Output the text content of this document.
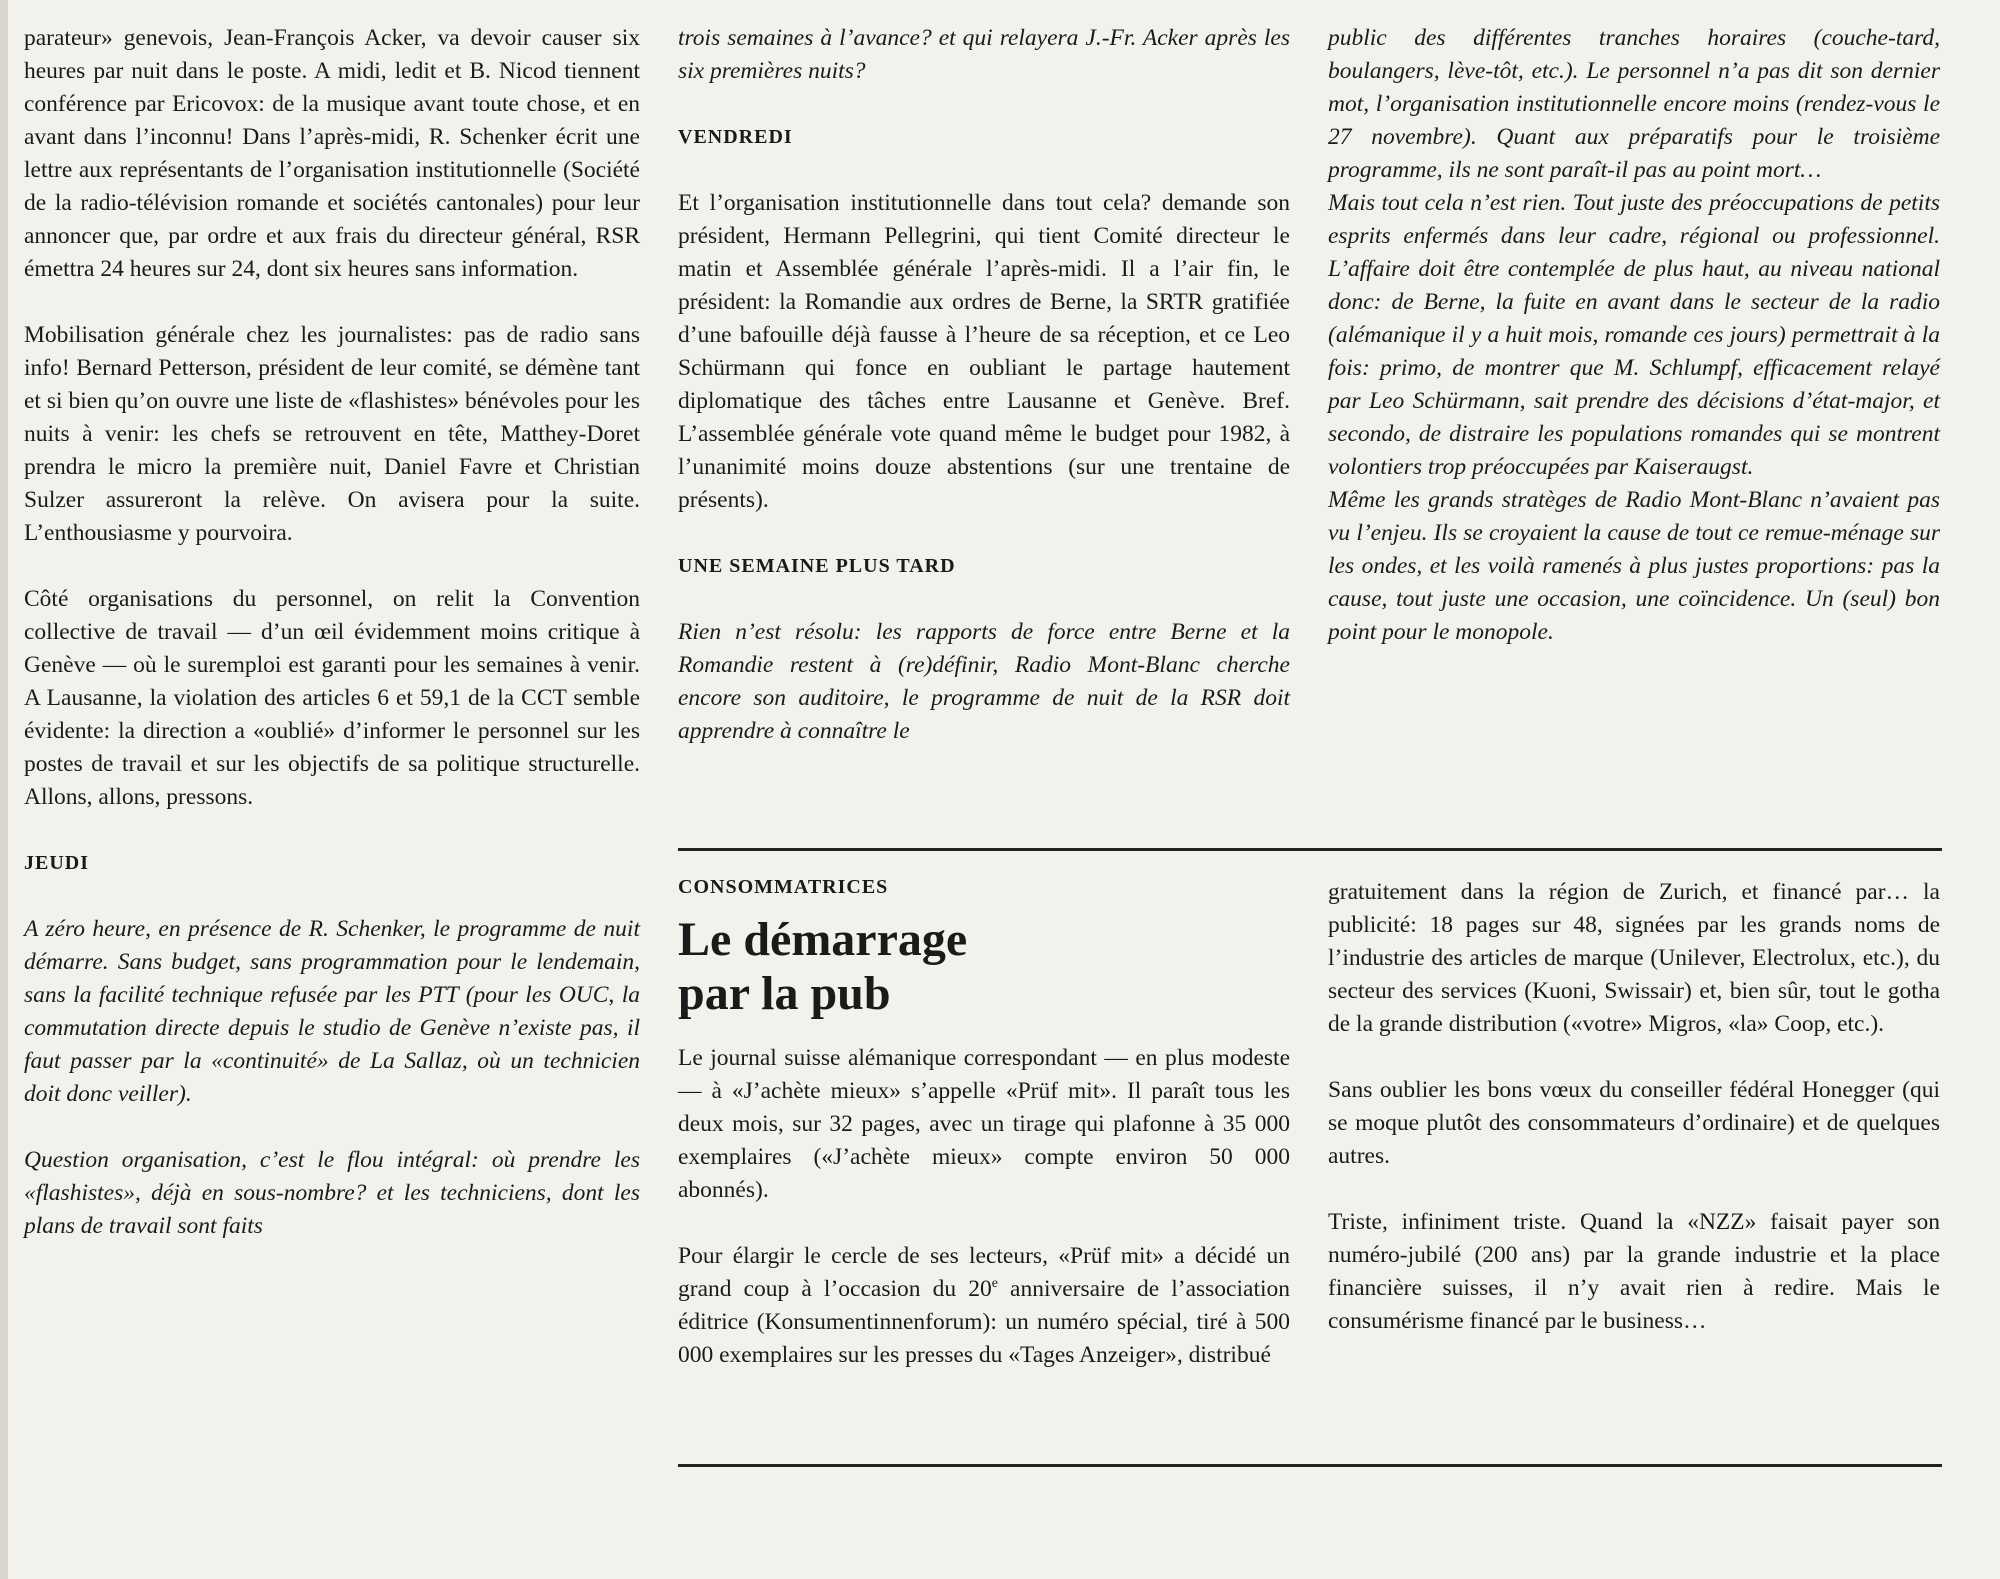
parateur» genevois, Jean-François Acker, va devoir causer six heures par nuit dans le poste. A midi, ledit et B. Nicod tiennent conférence par Ericovox: de la musique avant toute chose, et en avant dans l’inconnu! Dans l’après-midi, R. Schenker écrit une lettre aux représentants de l’organisation institutionnelle (Société de la radio-télévision romande et sociétés cantonales) pour leur annoncer que, par ordre et aux frais du directeur général, RSR émettra 24 heures sur 24, dont six heures sans information.

Mobilisation générale chez les journalistes: pas de radio sans info! Bernard Petterson, président de leur comité, se démène tant et si bien qu’on ouvre une liste de «flashistes» bénévoles pour les nuits à venir: les chefs se retrouvent en tête, Matthey-Doret prendra le micro la première nuit, Daniel Favre et Christian Sulzer assureront la relève. On avisera pour la suite. L’enthousiasme y pourvoira.

Côté organisations du personnel, on relit la Convention collective de travail — d’un œil évidemment moins critique à Genève — où le suremploi est garanti pour les semaines à venir. A Lausanne, la violation des articles 6 et 59,1 de la CCT semble évidente: la direction a «oublié» d’informer le personnel sur les postes de travail et sur les objectifs de sa politique structurelle. Allons, allons, pressons.

JEUDI

A zéro heure, en présence de R. Schenker, le programme de nuit démarre. Sans budget, sans programmation pour le lendemain, sans la facilité technique refusée par les PTT (pour les OUC, la commutation directe depuis le studio de Genève n’existe pas, il faut passer par la «continuité» de La Sallaz, où un technicien doit donc veiller).

Question organisation, c’est le flou intégral: où prendre les «flashistes», déjà en sous-nombre? et les techniciens, dont les plans de travail sont faits

trois semaines à l’avance? et qui relayera J.-Fr. Acker après les six premières nuits?

VENDREDI

Et l’organisation institutionnelle dans tout cela? demande son président, Hermann Pellegrini, qui tient Comité directeur le matin et Assemblée générale l’après-midi. Il a l’air fin, le président: la Romandie aux ordres de Berne, la SRTR gratifiée d’une bafouille déjà fausse à l’heure de sa réception, et ce Leo Schürmann qui fonce en oubliant le partage hautement diplomatique des tâches entre Lausanne et Genève. Bref. L’assemblée générale vote quand même le budget pour 1982, à l’unanimité moins douze abstentions (sur une trentaine de présents).

UNE SEMAINE PLUS TARD

Rien n’est résolu: les rapports de force entre Berne et la Romandie restent à (re)définir, Radio Mont-Blanc cherche encore son auditoire, le programme de nuit de la RSR doit apprendre à connaître le

public des différentes tranches horaires (couche-tard, boulangers, lève-tôt, etc.). Le personnel n’a pas dit son dernier mot, l’organisation institutionnelle encore moins (rendez-vous le 27 novembre). Quant aux préparatifs pour le troisième programme, ils ne sont paraît-il pas au point mort…

Mais tout cela n’est rien. Tout juste des préoccupations de petits esprits enfermés dans leur cadre, régional ou professionnel. L’affaire doit être contemplée de plus haut, au niveau national donc: de Berne, la fuite en avant dans le secteur de la radio (alémanique il y a huit mois, romande ces jours) permettrait à la fois: primo, de montrer que M. Schlumpf, efficacement relayé par Leo Schürmann, sait prendre des décisions d’état-major, et secondo, de distraire les populations romandes qui se montrent volontiers trop préoccupées par Kaiseraugst.

Même les grands stratèges de Radio Mont-Blanc n’avaient pas vu l’enjeu. Ils se croyaient la cause de tout ce remue-ménage sur les ondes, et les voilà ramenés à plus justes proportions: pas la cause, tout juste une occasion, une coïncidence. Un (seul) bon point pour le monopole.

CONSOMMATRICES
Le démarrage
par la pub

Le journal suisse alémanique correspondant — en plus modeste — à «J’achète mieux» s’appelle «Prüf mit». Il paraît tous les deux mois, sur 32 pages, avec un tirage qui plafonne à 35 000 exemplaires («J’achète mieux» compte environ 50 000 abonnés).

Pour élargir le cercle de ses lecteurs, «Prüf mit» a décidé un grand coup à l’occasion du 20e anniversaire de l’association éditrice (Konsumentinnenforum): un numéro spécial, tiré à 500 000 exemplaires sur les presses du «Tages Anzeiger», distribué

gratuitement dans la région de Zurich, et financé par… la publicité: 18 pages sur 48, signées par les grands noms de l’industrie des articles de marque (Unilever, Electrolux, etc.), du secteur des services (Kuoni, Swissair) et, bien sûr, tout le gotha de la grande distribution («votre» Migros, «la» Coop, etc.).

Sans oublier les bons vœux du conseiller fédéral Honegger (qui se moque plutôt des consommateurs d’ordinaire) et de quelques autres.

Triste, infiniment triste. Quand la «NZZ» faisait payer son numéro-jubilé (200 ans) par la grande industrie et la place financière suisses, il n’y avait rien à redire. Mais le consumérisme financé par le business…
